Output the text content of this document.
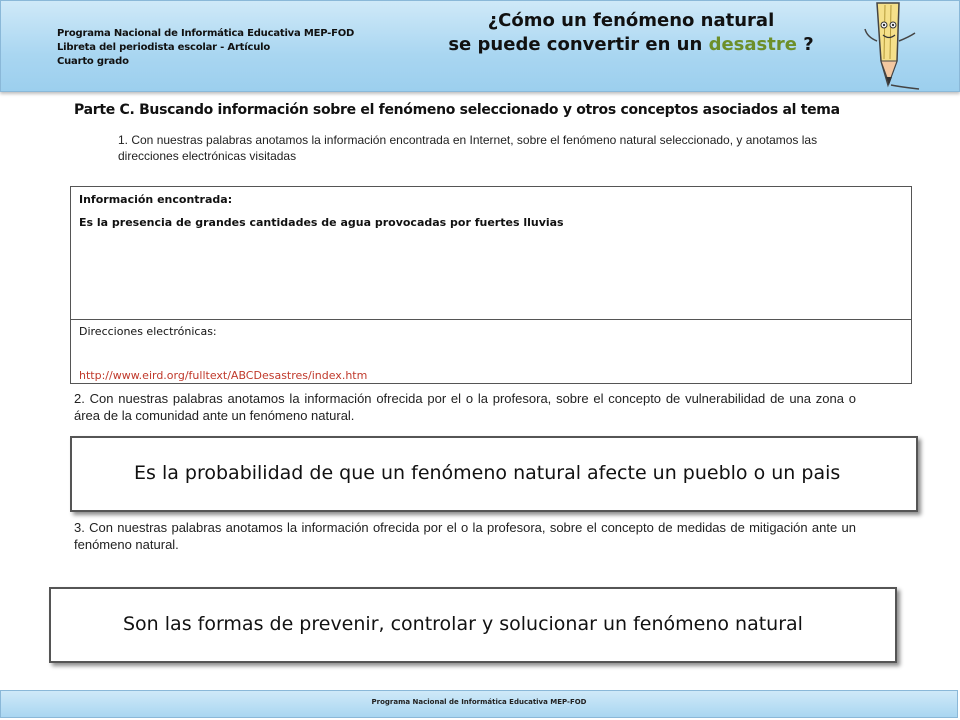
Programa Nacional de Informática Educativa MEP-FOD
Libreta del periodista escolar - Artículo
Cuarto grado
¿Cómo un fenómeno natural
se puede convertir en un desastre ?
Parte C. Buscando información sobre el fenómeno seleccionado y otros conceptos asociados al tema
1. Con nuestras palabras anotamos la información encontrada en Internet, sobre el fenómeno natural seleccionado, y anotamos las direcciones electrónicas visitadas
Información encontrada:
Es la presencia de grandes cantidades de agua provocadas por fuertes lluvias
Direcciones electrónicas:
http://www.eird.org/fulltext/ABCDesastres/index.htm
2. Con nuestras palabras anotamos la información ofrecida por el o la profesora, sobre el concepto de vulnerabilidad de una zona o área de la comunidad ante un fenómeno natural.
Es la probabilidad de que un fenómeno natural afecte un pueblo o un pais
3. Con nuestras palabras anotamos la información ofrecida por el o la profesora, sobre el concepto de medidas de mitigación ante un fenómeno natural.
Son las formas de prevenir, controlar y solucionar un fenómeno natural
Programa Nacional de Informática Educativa MEP-FOD
